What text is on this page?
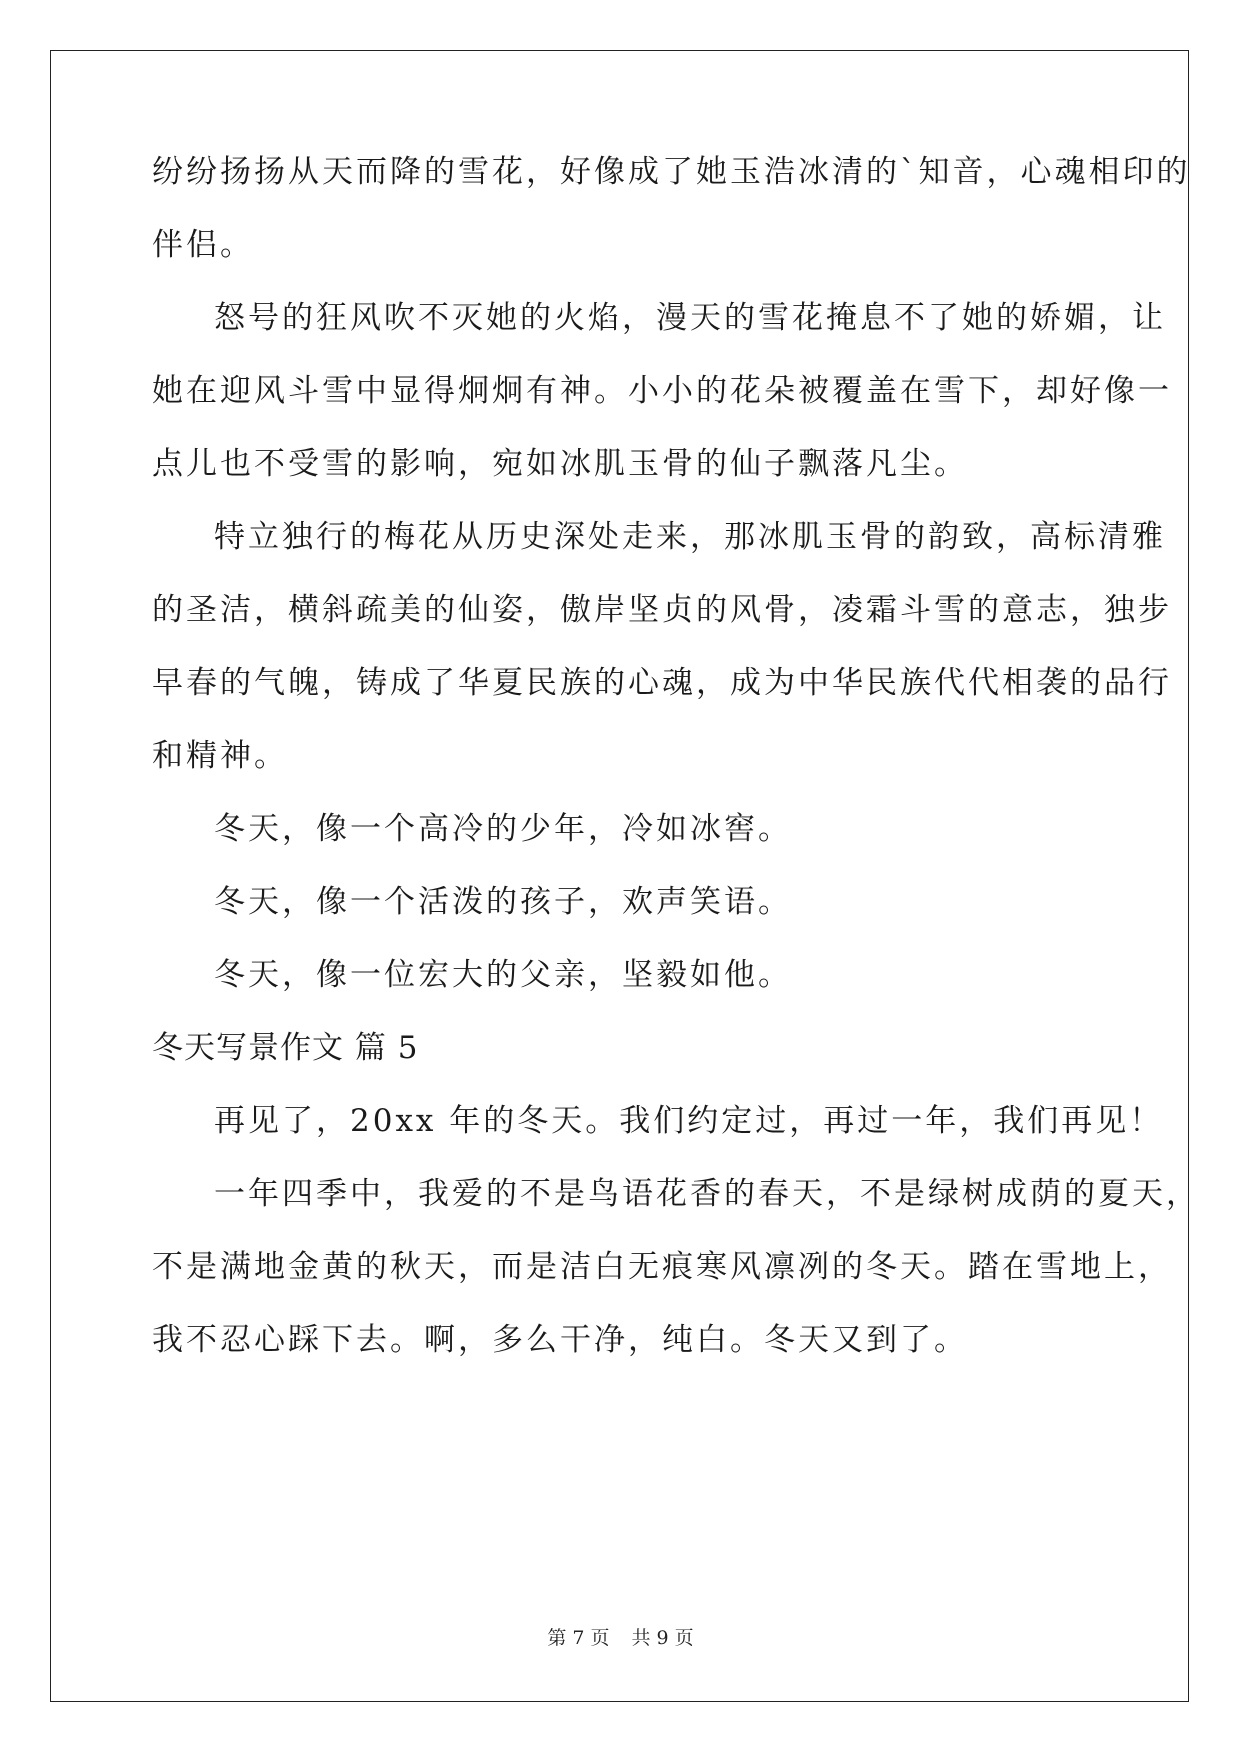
纷纷扬扬从天而降的雪花，好像成了她玉浩冰清的`知音，心魂相印的
伴侣。
怒号的狂风吹不灭她的火焰，漫天的雪花掩息不了她的娇媚，让
她在迎风斗雪中显得炯炯有神。小小的花朵被覆盖在雪下，却好像一
点儿也不受雪的影响，宛如冰肌玉骨的仙子飘落凡尘。
特立独行的梅花从历史深处走来，那冰肌玉骨的韵致，高标清雅
的圣洁，横斜疏美的仙姿，傲岸坚贞的风骨，凌霜斗雪的意志，独步
早春的气魄，铸成了华夏民族的心魂，成为中华民族代代相袭的品行
和精神。
冬天，像一个高冷的少年，冷如冰窖。
冬天，像一个活泼的孩子，欢声笑语。
冬天，像一位宏大的父亲，坚毅如他。
冬天写景作文 篇 5
再见了，20xx 年的冬天。我们约定过，再过一年，我们再见！
一年四季中，我爱的不是鸟语花香的春天，不是绿树成荫的夏天，
不是满地金黄的秋天，而是洁白无痕寒风凛冽的冬天。踏在雪地上，
我不忍心踩下去。啊，多么干净，纯白。冬天又到了。
第 7 页 共 9 页
